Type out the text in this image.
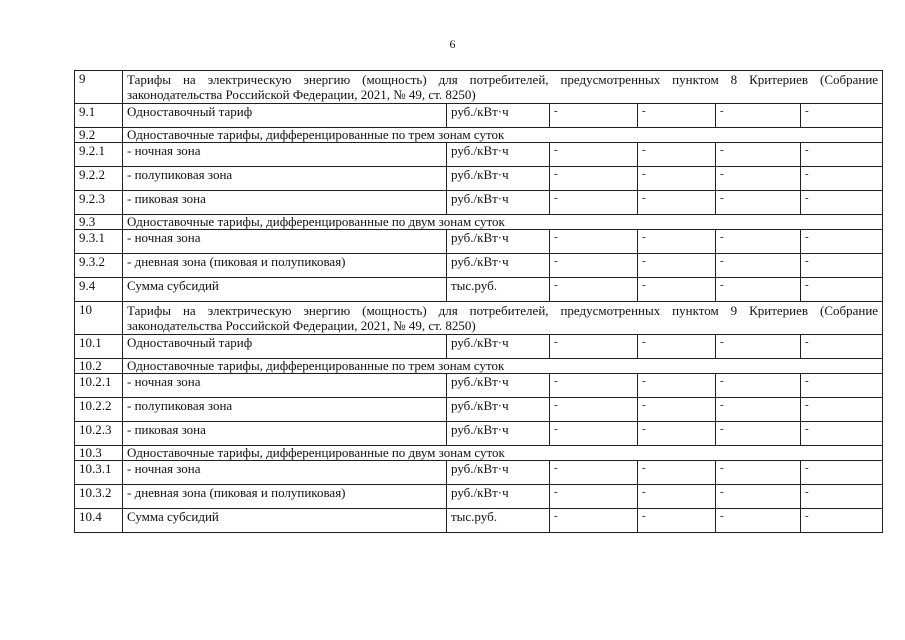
6
9	Тарифы на электрическую энергию (мощность) для потребителей, предусмотренных пунктом 8 Критериев (Собрание законодательства Российской Федерации, 2021, № 49, ст. 8250)					
9.1	Одноставочный тариф	руб./кВт·ч	-	-	-	-
9.2	Одноставочные тарифы, дифференцированные по трем зонам суток					
9.2.1	- ночная зона	руб./кВт·ч	-	-	-	-
9.2.2	- полупиковая зона	руб./кВт·ч	-	-	-	-
9.2.3	- пиковая зона	руб./кВт·ч	-	-	-	-
9.3	Одноставочные тарифы, дифференцированные по двум зонам суток					
9.3.1	- ночная зона	руб./кВт·ч	-	-	-	-
9.3.2	- дневная зона (пиковая и полупиковая)	руб./кВт·ч	-	-	-	-
9.4	Сумма субсидий	тыс.руб.	-	-	-	-
10	Тарифы на электрическую энергию (мощность) для потребителей, предусмотренных пунктом 9 Критериев (Собрание законодательства Российской Федерации, 2021, № 49, ст. 8250)					
10.1	Одноставочный тариф	руб./кВт·ч	-	-	-	-
10.2	Одноставочные тарифы, дифференцированные по трем зонам суток					
10.2.1	- ночная зона	руб./кВт·ч	-	-	-	-
10.2.2	- полупиковая зона	руб./кВт·ч	-	-	-	-
10.2.3	- пиковая зона	руб./кВт·ч	-	-	-	-
10.3	Одноставочные тарифы, дифференцированные по двум зонам суток					
10.3.1	- ночная зона	руб./кВт·ч	-	-	-	-
10.3.2	- дневная зона (пиковая и полупиковая)	руб./кВт·ч	-	-	-	-
10.4	Сумма субсидий	тыс.руб.	-	-	-	-
